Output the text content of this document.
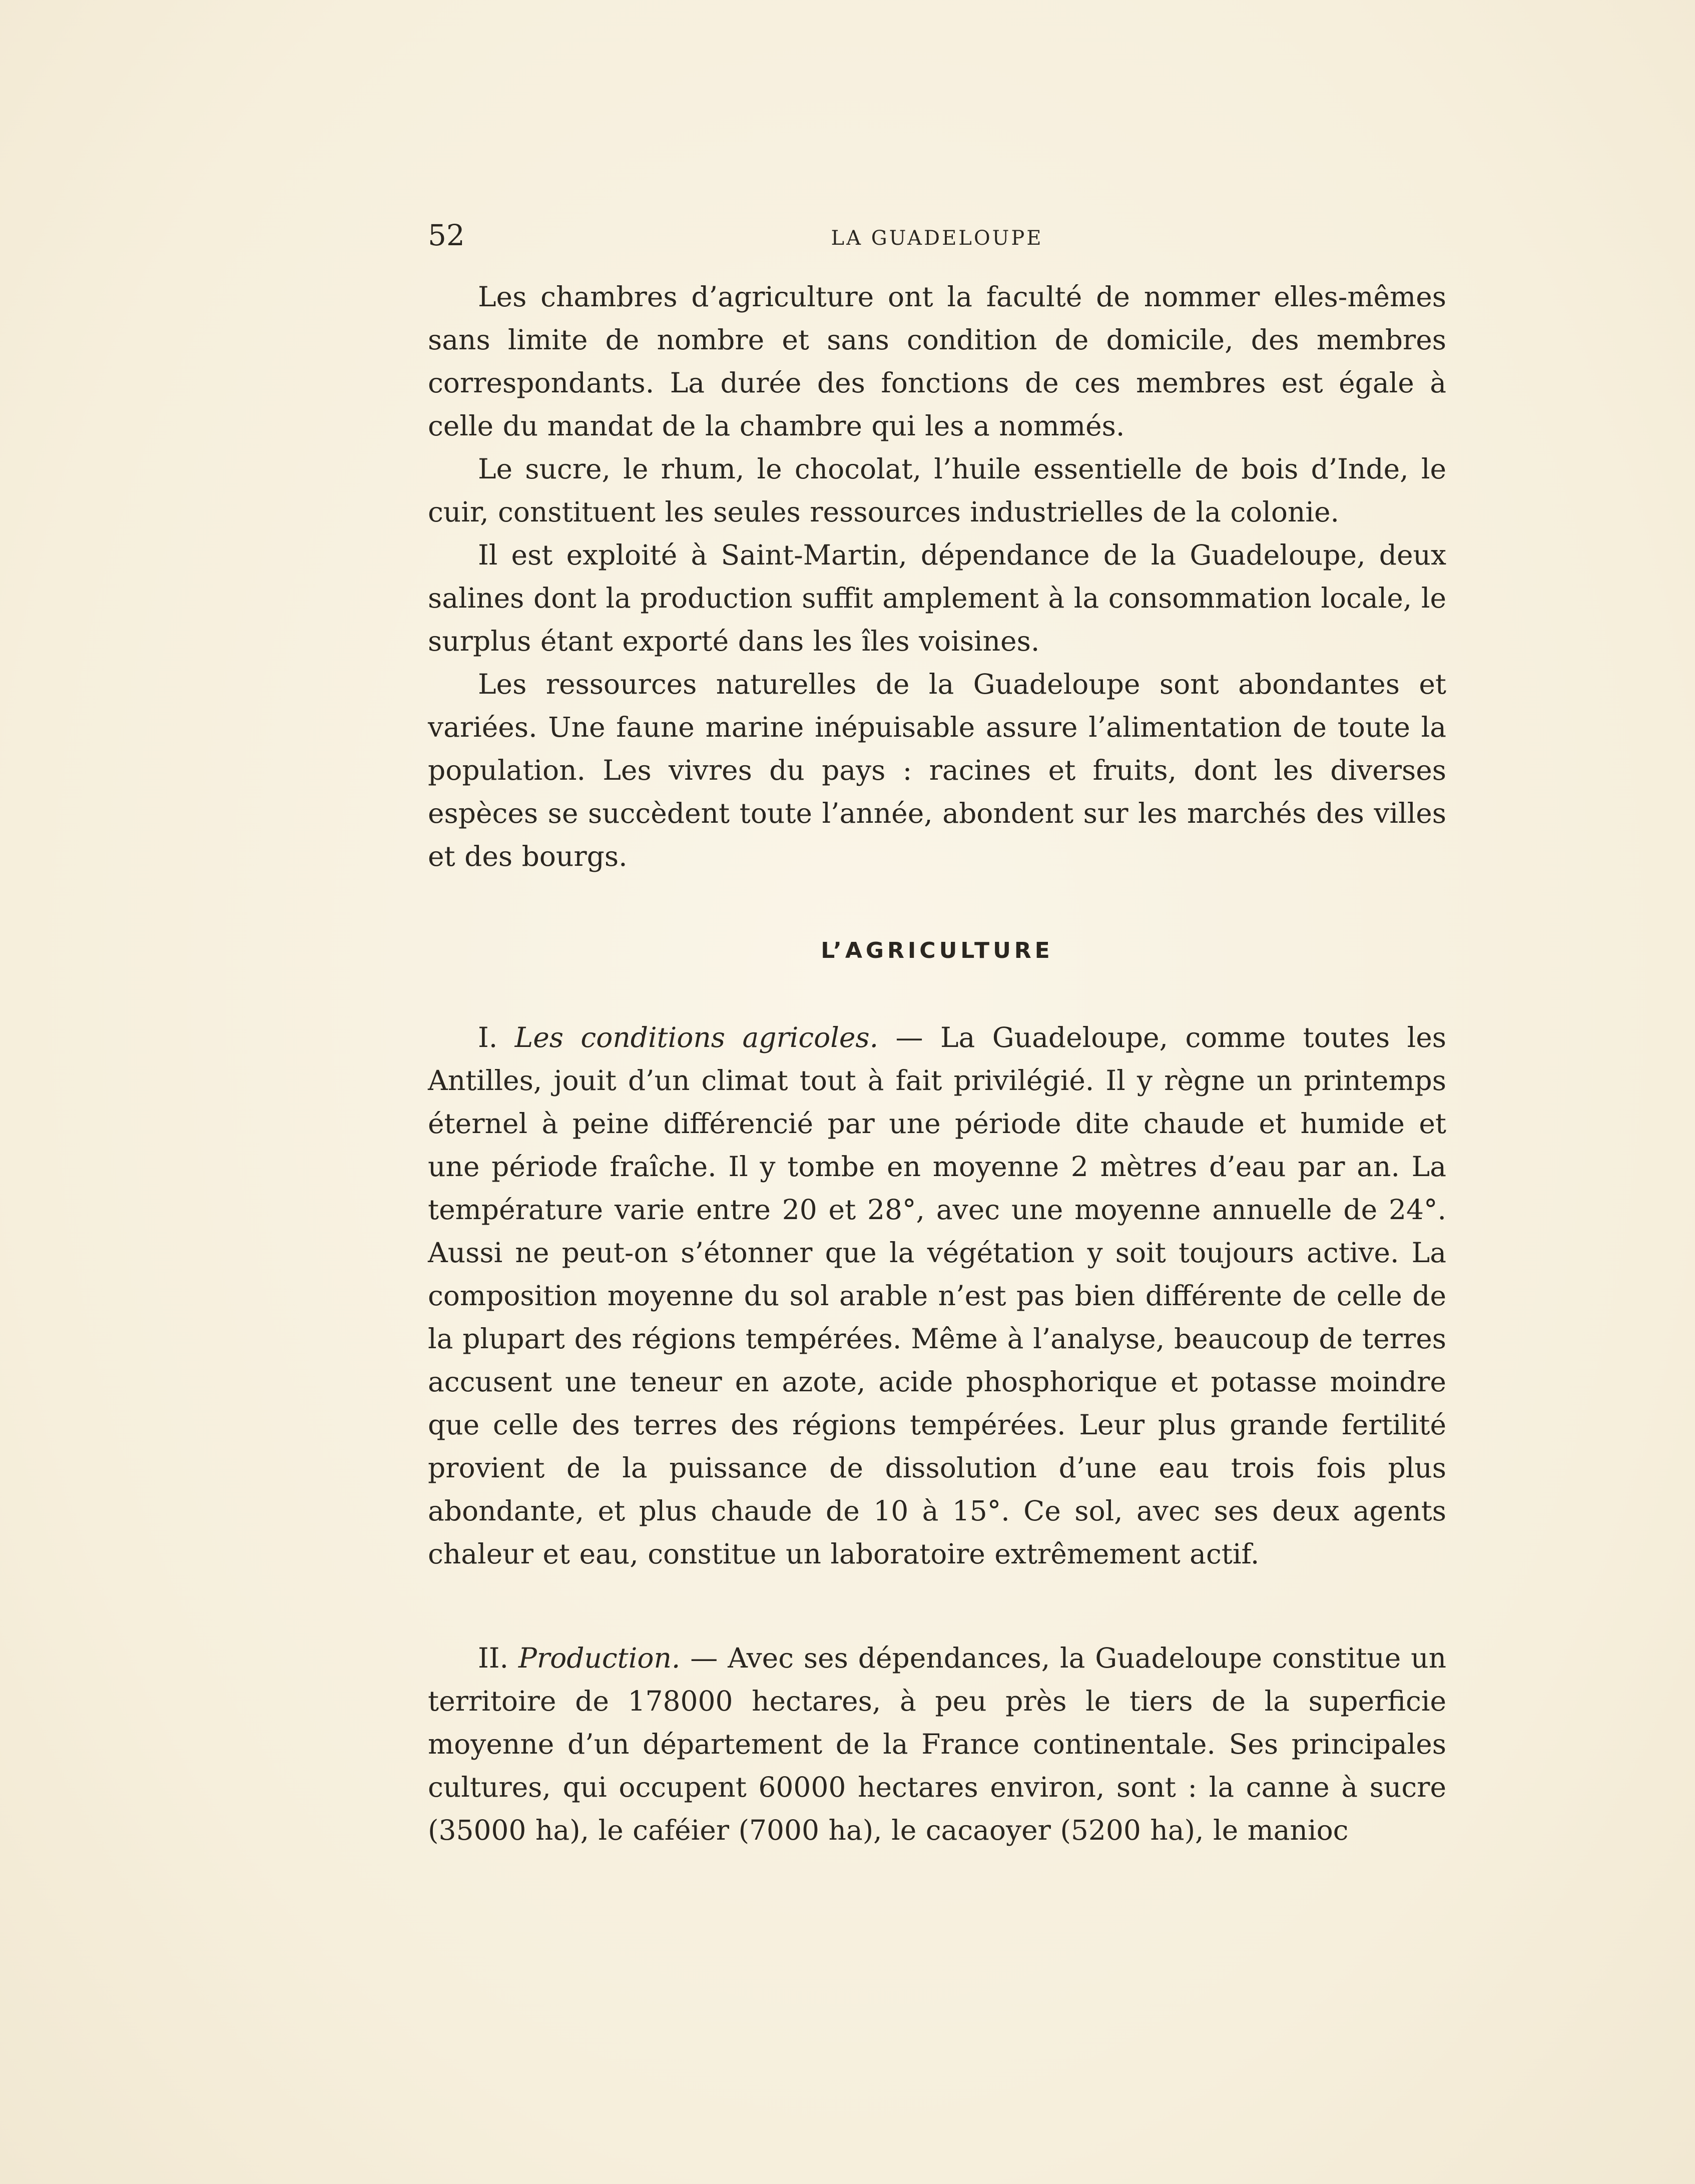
52	LA GUADELOUPE

Les chambres d’agriculture ont la faculté de nommer elles-mêmes sans limite de nombre et sans condition de domicile, des membres correspondants. La durée des fonctions de ces membres est égale à celle du mandat de la chambre qui les a nommés.

Le sucre, le rhum, le chocolat, l’huile essentielle de bois d’Inde, le cuir, constituent les seules ressources industrielles de la colonie.

Il est exploité à Saint-Martin, dépendance de la Guadeloupe, deux salines dont la production suffit amplement à la consommation locale, le surplus étant exporté dans les îles voisines.

Les ressources naturelles de la Guadeloupe sont abondantes et variées. Une faune marine inépuisable assure l’alimentation de toute la population. Les vivres du pays : racines et fruits, dont les diverses espèces se succèdent toute l’année, abondent sur les marchés des villes et des bourgs.

L’AGRICULTURE

I. Les conditions agricoles. — La Guadeloupe, comme toutes les Antilles, jouit d’un climat tout à fait privilégié. Il y règne un printemps éternel à peine différencié par une période dite chaude et humide et une période fraîche. Il y tombe en moyenne 2 mètres d’eau par an. La température varie entre 20 et 28°, avec une moyenne annuelle de 24°. Aussi ne peut-on s’étonner que la végétation y soit toujours active. La composition moyenne du sol arable n’est pas bien différente de celle de la plupart des régions tempérées. Même à l’analyse, beaucoup de terres accusent une teneur en azote, acide phosphorique et potasse moindre que celle des terres des régions tempérées. Leur plus grande fertilité provient de la puissance de dissolution d’une eau trois fois plus abondante, et plus chaude de 10 à 15°. Ce sol, avec ses deux agents chaleur et eau, constitue un laboratoire extrêmement actif.

II. Production. — Avec ses dépendances, la Guadeloupe constitue un territoire de 178000 hectares, à peu près le tiers de la superficie moyenne d’un département de la France continentale. Ses principales cultures, qui occupent 60000 hectares environ, sont : la canne à sucre (35000 ha), le caféier (7000 ha), le cacaoyer (5200 ha), le manioc
